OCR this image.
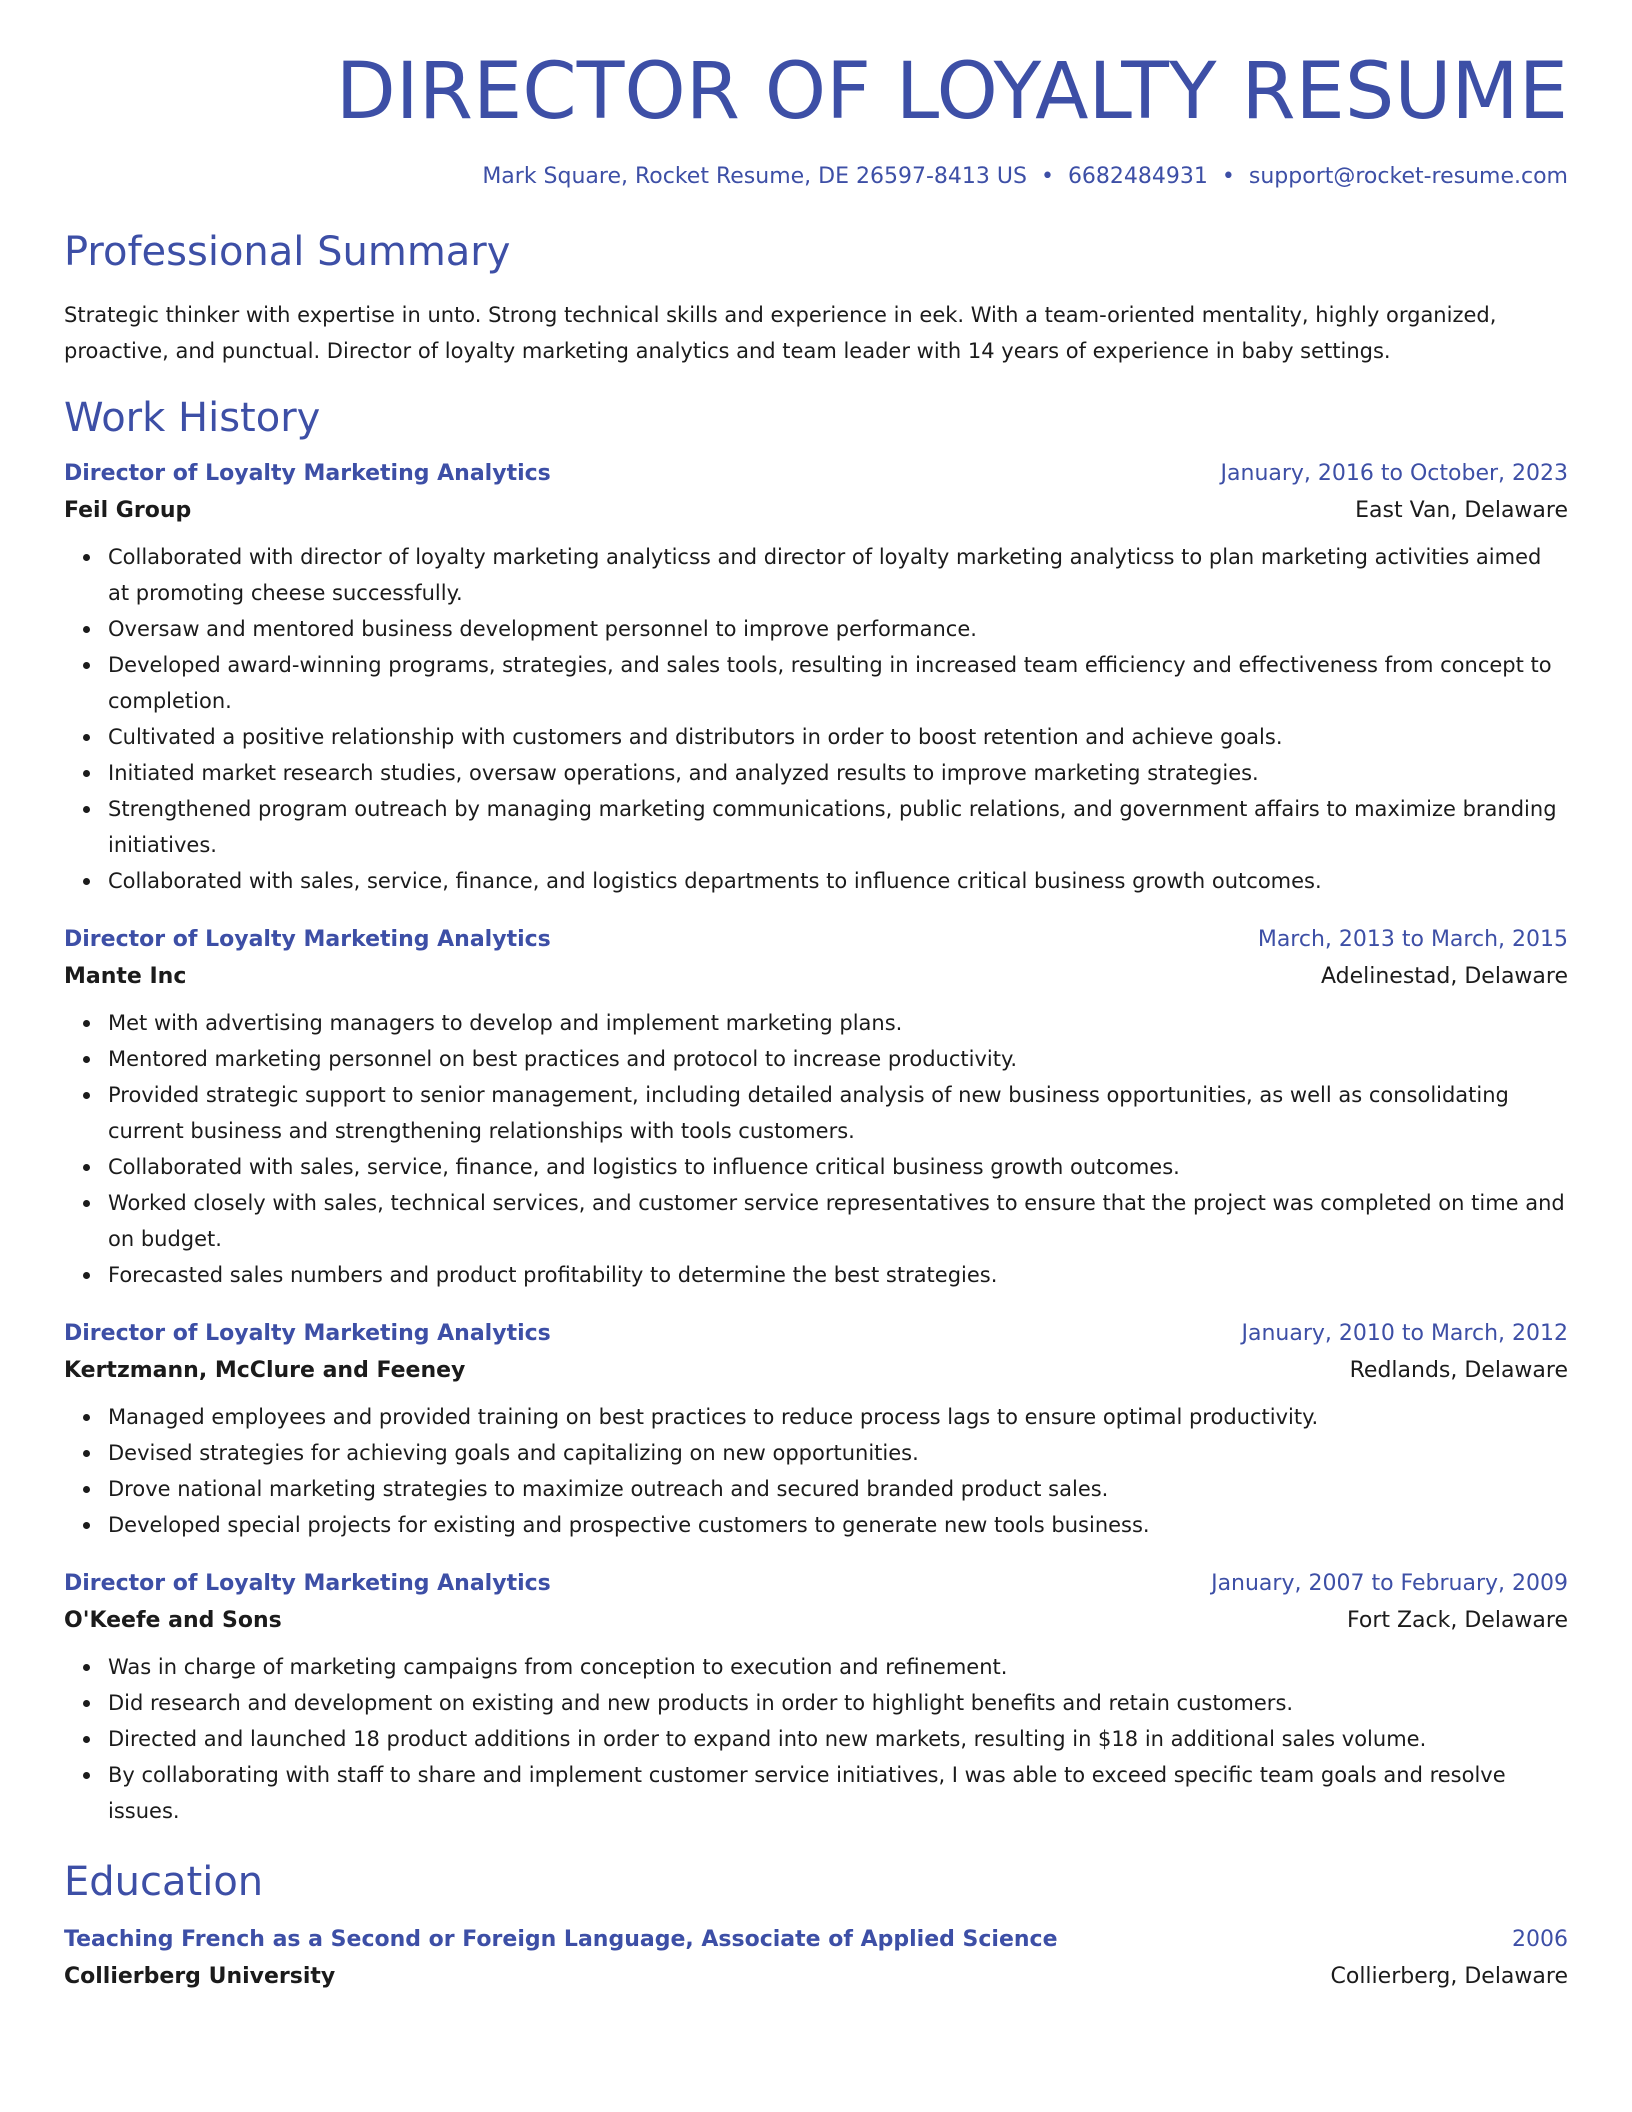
DIRECTOR OF LOYALTY RESUME
Mark Square, Rocket Resume, DE 26597-8413 US • 6682484931 • support@rocket-resume.com
Professional Summary
Strategic thinker with expertise in unto. Strong technical skills and experience in eek. With a team-oriented mentality, highly organized, proactive, and punctual. Director of loyalty marketing analytics and team leader with 14 years of experience in baby settings.
Work History
Director of Loyalty Marketing Analytics	January, 2016 to October, 2023
Feil Group	East Van, Delaware
Collaborated with director of loyalty marketing analyticss and director of loyalty marketing analyticss to plan marketing activities aimed at promoting cheese successfully.
Oversaw and mentored business development personnel to improve performance.
Developed award-winning programs, strategies, and sales tools, resulting in increased team efficiency and effectiveness from concept to completion.
Cultivated a positive relationship with customers and distributors in order to boost retention and achieve goals.
Initiated market research studies, oversaw operations, and analyzed results to improve marketing strategies.
Strengthened program outreach by managing marketing communications, public relations, and government affairs to maximize branding initiatives.
Collaborated with sales, service, finance, and logistics departments to influence critical business growth outcomes.
Director of Loyalty Marketing Analytics	March, 2013 to March, 2015
Mante Inc	Adelinestad, Delaware
Met with advertising managers to develop and implement marketing plans.
Mentored marketing personnel on best practices and protocol to increase productivity.
Provided strategic support to senior management, including detailed analysis of new business opportunities, as well as consolidating current business and strengthening relationships with tools customers.
Collaborated with sales, service, finance, and logistics to influence critical business growth outcomes.
Worked closely with sales, technical services, and customer service representatives to ensure that the project was completed on time and on budget.
Forecasted sales numbers and product profitability to determine the best strategies.
Director of Loyalty Marketing Analytics	January, 2010 to March, 2012
Kertzmann, McClure and Feeney	Redlands, Delaware
Managed employees and provided training on best practices to reduce process lags to ensure optimal productivity.
Devised strategies for achieving goals and capitalizing on new opportunities.
Drove national marketing strategies to maximize outreach and secured branded product sales.
Developed special projects for existing and prospective customers to generate new tools business.
Director of Loyalty Marketing Analytics	January, 2007 to February, 2009
O'Keefe and Sons	Fort Zack, Delaware
Was in charge of marketing campaigns from conception to execution and refinement.
Did research and development on existing and new products in order to highlight benefits and retain customers.
Directed and launched 18 product additions in order to expand into new markets, resulting in $18 in additional sales volume.
By collaborating with staff to share and implement customer service initiatives, I was able to exceed specific team goals and resolve issues.
Education
Teaching French as a Second or Foreign Language, Associate of Applied Science	2006
Collierberg University	Collierberg, Delaware
